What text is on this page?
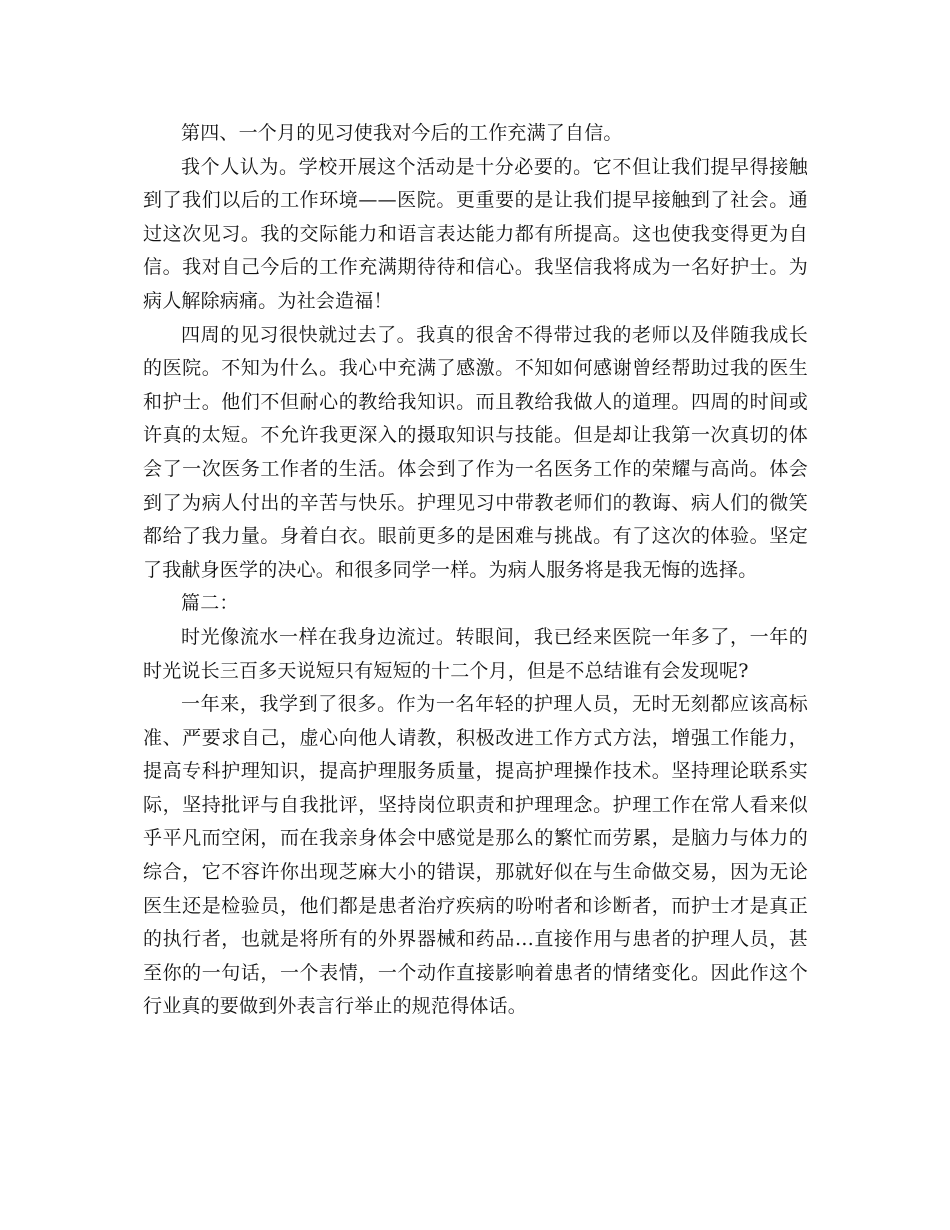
第四、一个月的见习使我对今后的工作充满了自信。

我个人认为。学校开展这个活动是十分必要的。它不但让我们提早得接触到了我们以后的工作环境——医院。更重要的是让我们提早接触到了社会。通过这次见习。我的交际能力和语言表达能力都有所提高。这也使我变得更为自信。我对自己今后的工作充满期待待和信心。我坚信我将成为一名好护士。为病人解除病痛。为社会造福！

四周的见习很快就过去了。我真的很舍不得带过我的老师以及伴随我成长的医院。不知为什么。我心中充满了感激。不知如何感谢曾经帮助过我的医生和护士。他们不但耐心的教给我知识。而且教给我做人的道理。四周的时间或许真的太短。不允许我更深入的摄取知识与技能。但是却让我第一次真切的体会了一次医务工作者的生活。体会到了作为一名医务工作的荣耀与高尚。体会到了为病人付出的辛苦与快乐。护理见习中带教老师们的教诲、病人们的微笑都给了我力量。身着白衣。眼前更多的是困难与挑战。有了这次的体验。坚定了我献身医学的决心。和很多同学一样。为病人服务将是我无悔的选择。

篇二：

时光像流水一样在我身边流过。转眼间，我已经来医院一年多了，一年的时光说长三百多天说短只有短短的十二个月，但是不总结谁有会发现呢?

一年来，我学到了很多。作为一名年轻的护理人员，无时无刻都应该高标准、严要求自己，虚心向他人请教，积极改进工作方式方法，增强工作能力，提高专科护理知识，提高护理服务质量，提高护理操作技术。坚持理论联系实际，坚持批评与自我批评，坚持岗位职责和护理理念。护理工作在常人看来似乎平凡而空闲，而在我亲身体会中感觉是那么的繁忙而劳累，是脑力与体力的综合，它不容许你出现芝麻大小的错误，那就好似在与生命做交易，因为无论医生还是检验员，他们都是患者治疗疾病的吩咐者和诊断者，而护士才是真正的执行者，也就是将所有的外界器械和药品…直接作用与患者的护理人员，甚至你的一句话，一个表情，一个动作直接影响着患者的情绪变化。因此作这个行业真的要做到外表言行举止的规范得体话。
